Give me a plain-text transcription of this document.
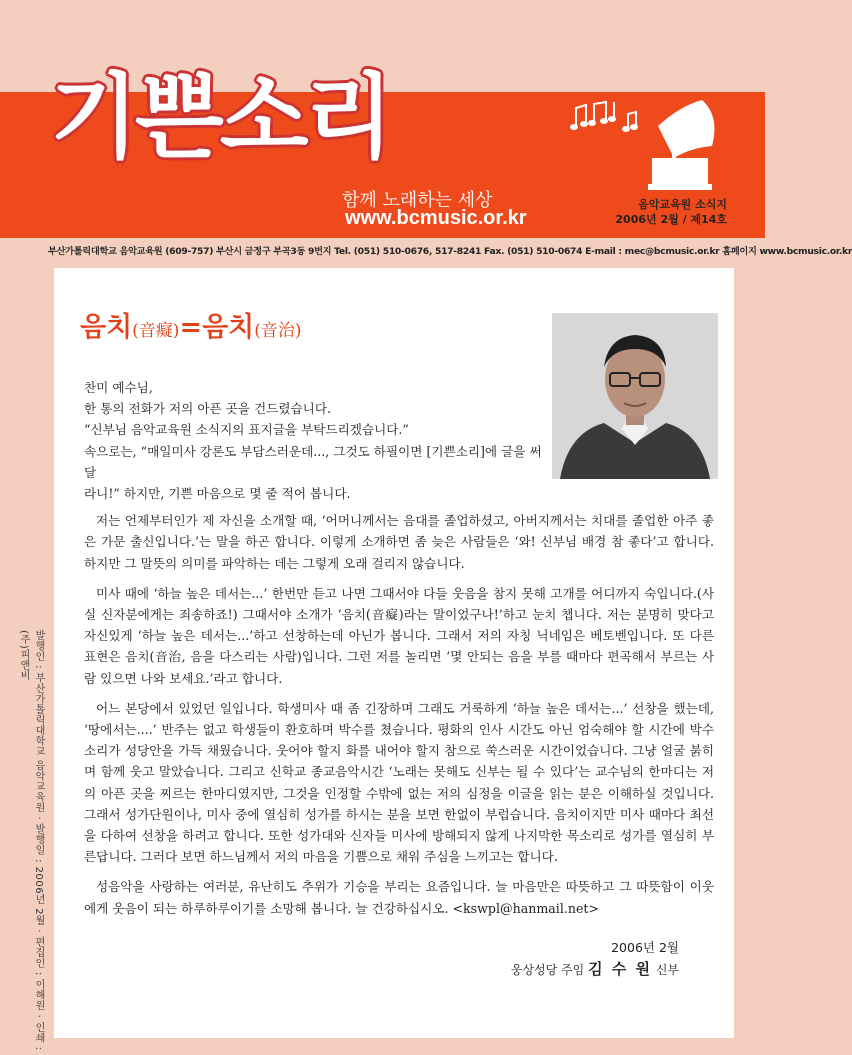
기쁜소리
함께 노래하는 세상
www.bcmusic.or.kr
음악교육원 소식지
2006년 2월 / 제14호
부산가톨릭대학교 음악교육원 (609-757) 부산시 금정구 부곡3동 9번지 Tel. (051) 510-0676, 517-8241 Fax. (051) 510-0674 E-mail : mec@bcmusic.or.kr 홈페이지 www.bcmusic.or.kr
음치(音癡)=음치(音治)
찬미 예수님,
한 통의 전화가 저의 아픈 곳을 건드렸습니다.
“신부님 음악교육원 소식지의 표지글을 부탁드리겠습니다.”
속으로는, “매일미사 강론도 부담스러운데..., 그것도 하필이면 [기쁜소리]에 글을 써 달
라니!” 하지만, 기쁜 마음으로 몇 줄 적어 봅니다.

저는 언제부터인가 제 자신을 소개할 때, ‘어머니께서는 음대를 졸업하셨고, 아버지께서는 치대를 졸업한 아주 좋은 가문 출신입니다.’는 말을 하곤 합니다. 이렇게 소개하면 좀 늦은 사람들은 ‘와! 신부님 배경 참 좋다’고 합니다. 하지만 그 말뜻의 의미를 파악하는 데는 그렇게 오래 걸리지 않습니다.

미사 때에 ‘하늘 높은 데서는...’ 한번만 듣고 나면 그때서야 다들 웃음을 참지 못해 고개를 어디까지 숙입니다.(사실 신자분에게는 죄송하죠!) 그때서야 소개가 ‘음치(音癡)라는 말이었구나!’하고 눈치 챕니다. 저는 분명히 맞다고 자신있게 ‘하늘 높은 데서는...’하고 선창하는데 아닌가 봅니다. 그래서 저의 자칭 닉네임은 베토벤입니다. 또 다른 표현은 음치(音治, 음을 다스리는 사람)입니다. 그런 저를 놀리면 ‘몇 안되는 음을 부를 때마다 편곡해서 부르는 사람 있으면 나와 보세요.’라고 합니다.

어느 본당에서 있었던 일입니다. 학생미사 때 좀 긴장하며 그래도 거룩하게 ‘하늘 높은 데서는...’ 선창을 했는데, ‘땅에서는....’ 반주는 없고 학생들이 환호하며 박수를 쳤습니다. 평화의 인사 시간도 아닌 엄숙해야 할 시간에 박수소리가 성당안을 가득 채웠습니다. 웃어야 할지 화를 내어야 할지 참으로 쑥스러운 시간이었습니다. 그냥 얼굴 붉히며 함께 웃고 말았습니다. 그리고 신학교 종교음악시간 ‘노래는 못해도 신부는 될 수 있다’는 교수님의 한마디는 저의 아픈 곳을 찌르는 한마디였지만, 그것을 인정할 수밖에 없는 저의 심정을 이글을 읽는 분은 이해하실 것입니다. 그래서 성가단원이나, 미사 중에 열심히 성가를 하시는 분을 보면 한없이 부럽습니다. 음치이지만 미사 때마다 최선을 다하여 선창을 하려고 합니다. 또한 성가대와 신자들 미사에 방해되지 않게 나지막한 목소리로 성가를 열심히 부른답니다. 그러다 보면 하느님께서 저의 마음을 기쁨으로 채워 주심을 느끼고는 합니다.

성음악을 사랑하는 여러분, 유난히도 추위가 기승을 부리는 요즘입니다. 늘 마음만은 따뜻하고 그 따뜻함이 이웃에게 웃음이 되는 하루하루이기를 소망해 봅니다. 늘 건강하십시오. <kswpl@hanmail.net>

2006년 2월
웅상성당 주임 김 수 원 신부
발행인 : 부산가톨릭대학교 음악교육원 · 발행일 : 2006년 2월 · 편집인 : 이해원 · 인쇄 : (주)피앤비
